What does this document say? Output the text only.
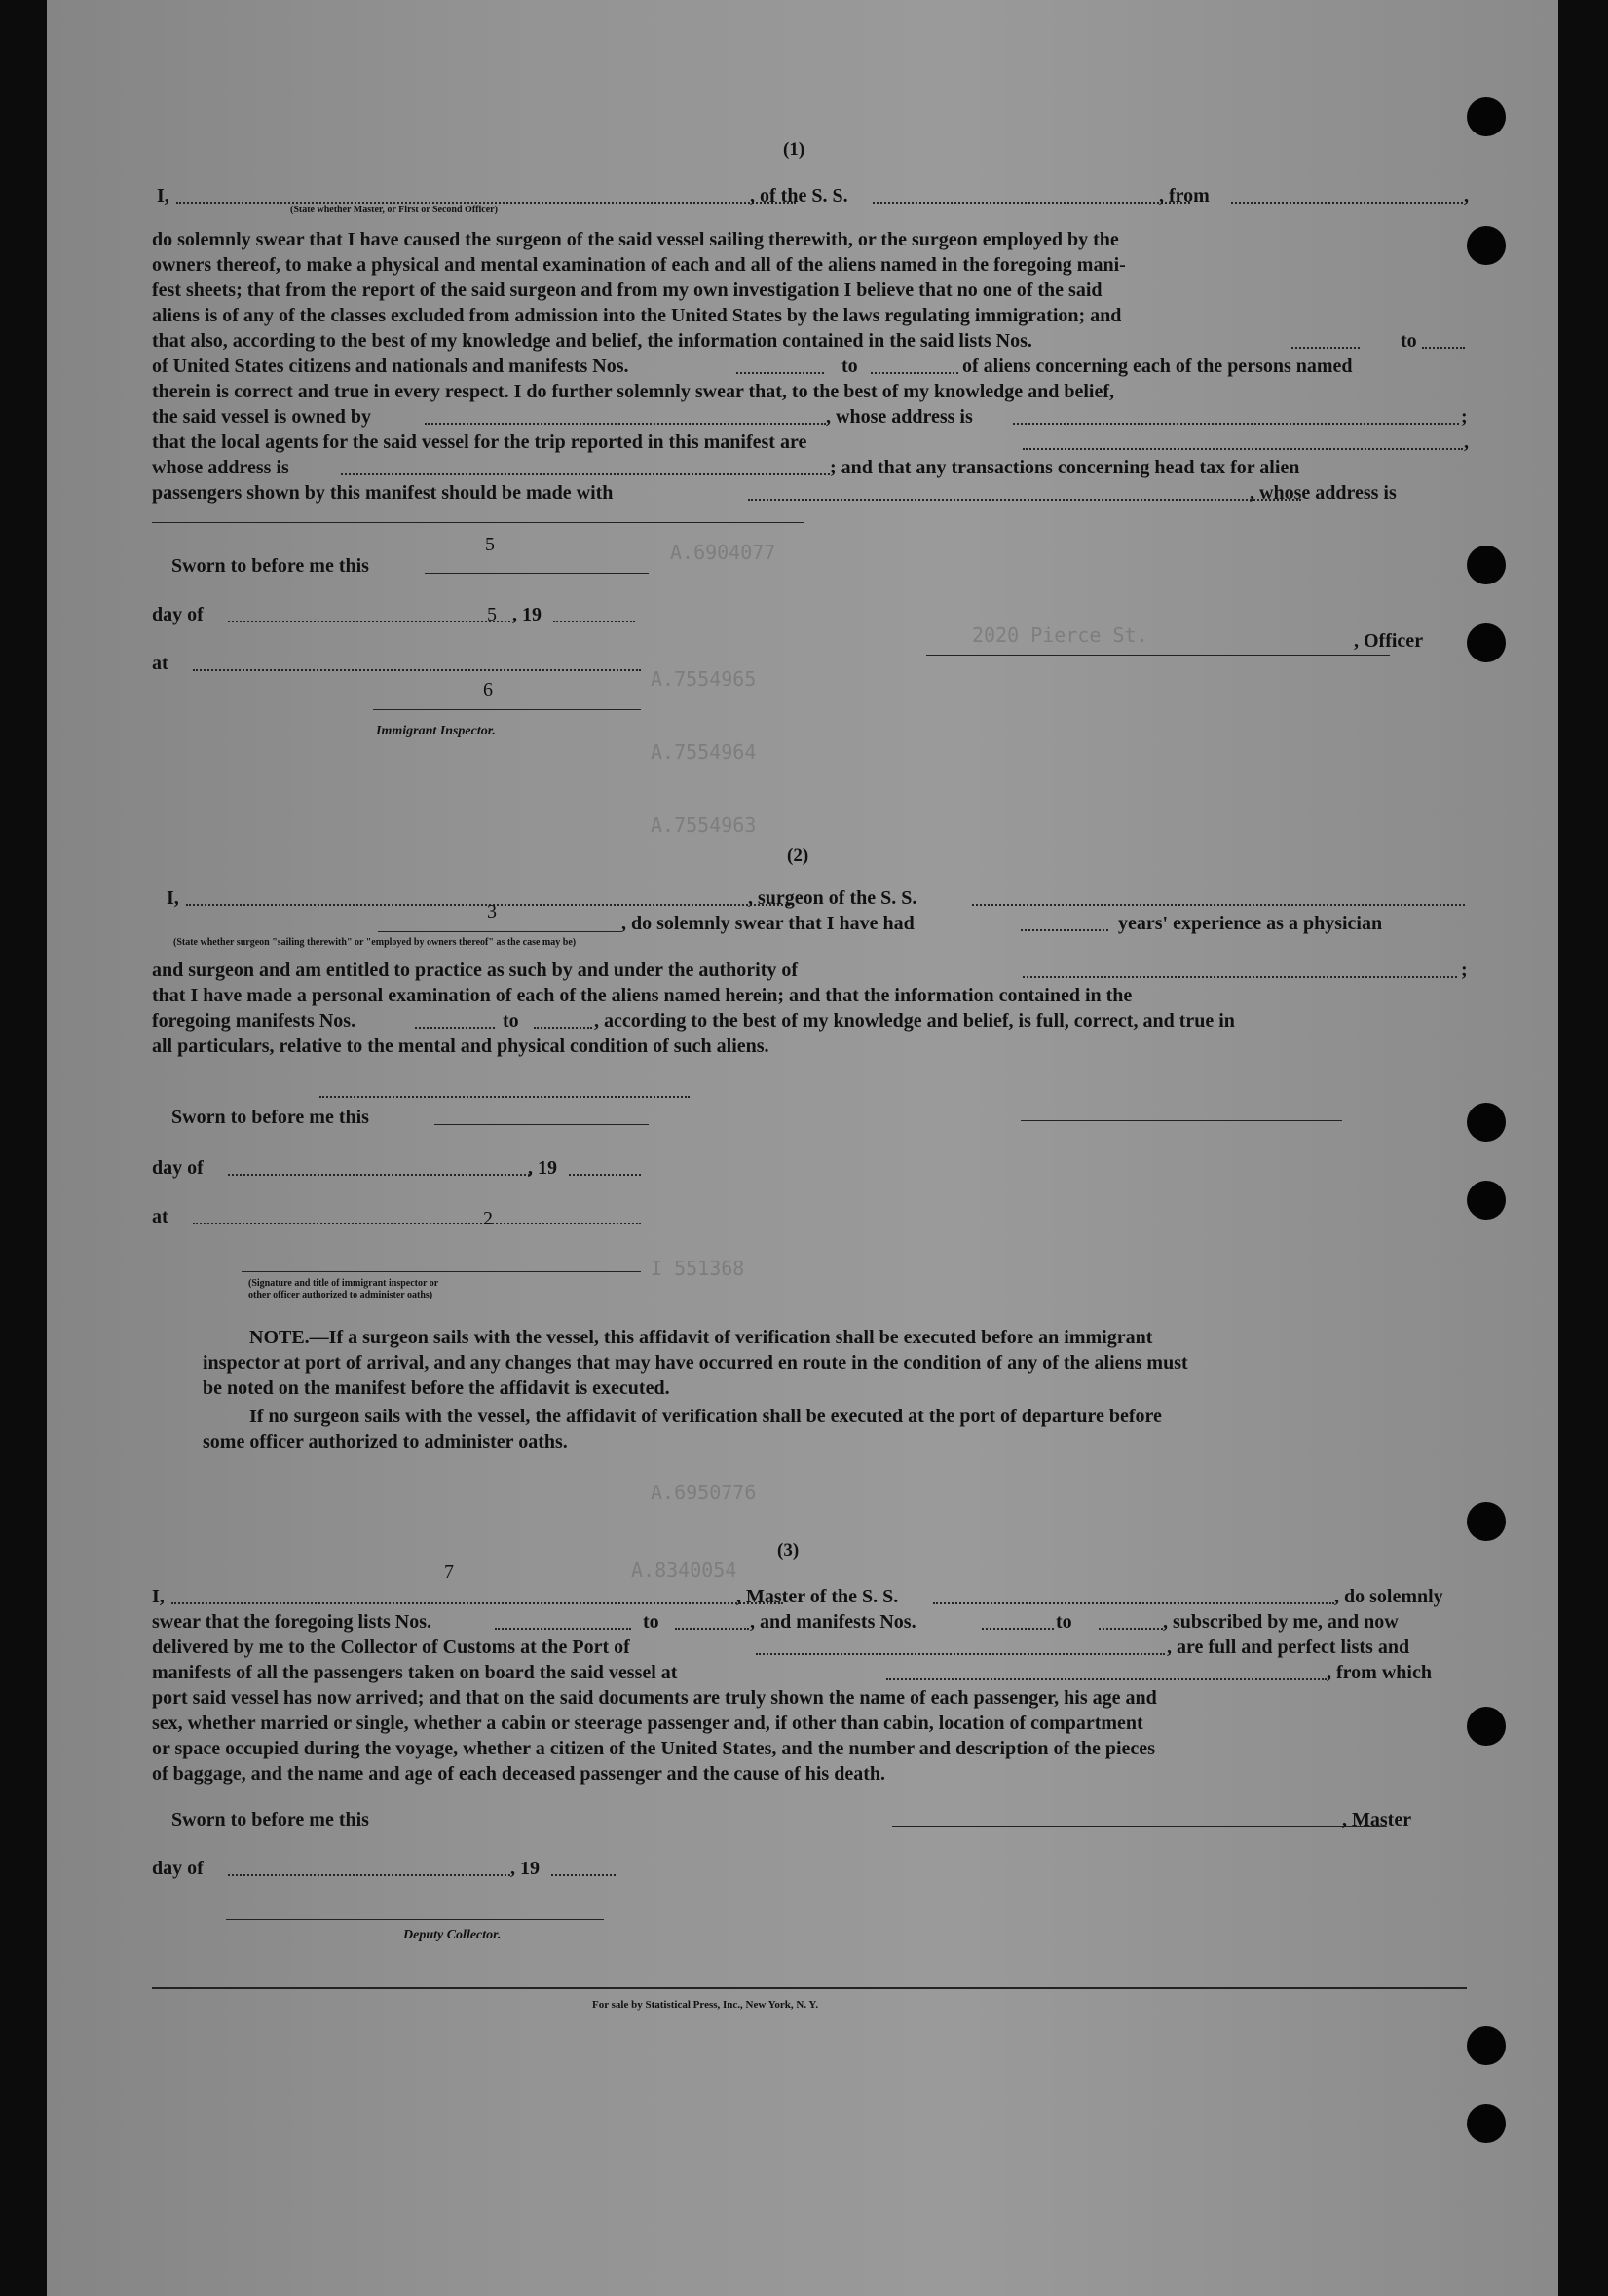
A.6904077
A.7554965
A.7554964
A.7554963
2020 Pierce St.
I 551368
A.6950776
A.8340054
(1)
I,
(State whether Master, or First or Second Officer)
, of the S. S.	, from	,
do solemnly swear that I have caused the surgeon of the said vessel sailing therewith, or the surgeon employed by the
owners thereof, to make a physical and mental examination of each and all of the aliens named in the foregoing mani-
fest sheets; that from the report of the said surgeon and from my own investigation I believe that no one of the said
aliens is of any of the classes excluded from admission into the United States by the laws regulating immigration; and
that also, according to the best of my knowledge and belief, the information contained in the said lists Nos.	to
of United States citizens and nationals and manifests Nos.	to	of aliens concerning each of the persons named
therein is correct and true in every respect. I do further solemnly swear that, to the best of my knowledge and belief,
the said vessel is owned by	, whose address is	;
that the local agents for the said vessel for the trip reported in this manifest are	,
whose address is	; and that any transactions concerning head tax for alien
passengers shown by this manifest should be made with	, whose address is
Sworn to before me this
5
day of	5 , 19
, Officer
at
6
Immigrant Inspector.
(2)
I,	, surgeon of the S. S.
3
(State whether surgeon "sailing therewith" or "employed by owners thereof" as the case may be)
, do solemnly swear that I have had	years' experience as a physician
and surgeon and am entitled to practice as such by and under the authority of	;
that I have made a personal examination of each of the aliens named herein; and that the information contained in the
foregoing manifests Nos.	to	, according to the best of my knowledge and belief, is full, correct, and true in
all particulars, relative to the mental and physical condition of such aliens.
Sworn to before me this
day of	, 19
at	2
(Signature and title of immigrant inspector or
other officer authorized to administer oaths)
NOTE.—If a surgeon sails with the vessel, this affidavit of verification shall be executed before an immigrant
inspector at port of arrival, and any changes that may have occurred en route in the condition of any of the aliens must
be noted on the manifest before the affidavit is executed.
If no surgeon sails with the vessel, the affidavit of verification shall be executed at the port of departure before
some officer authorized to administer oaths.
(3)
I,
7
, Master of the S. S.	, do solemnly
swear that the foregoing lists Nos.	to	, and manifests Nos.	to	, subscribed by me, and now
delivered by me to the Collector of Customs at the Port of	, are full and perfect lists and
manifests of all the passengers taken on board the said vessel at	, from which
port said vessel has now arrived; and that on the said documents are truly shown the name of each passenger, his age and
sex, whether married or single, whether a cabin or steerage passenger and, if other than cabin, location of compartment
or space occupied during the voyage, whether a citizen of the United States, and the number and description of the pieces
of baggage, and the name and age of each deceased passenger and the cause of his death.
Sworn to before me this	, Master
day of	, 19
Deputy Collector.
For sale by Statistical Press, Inc., New York, N. Y.
